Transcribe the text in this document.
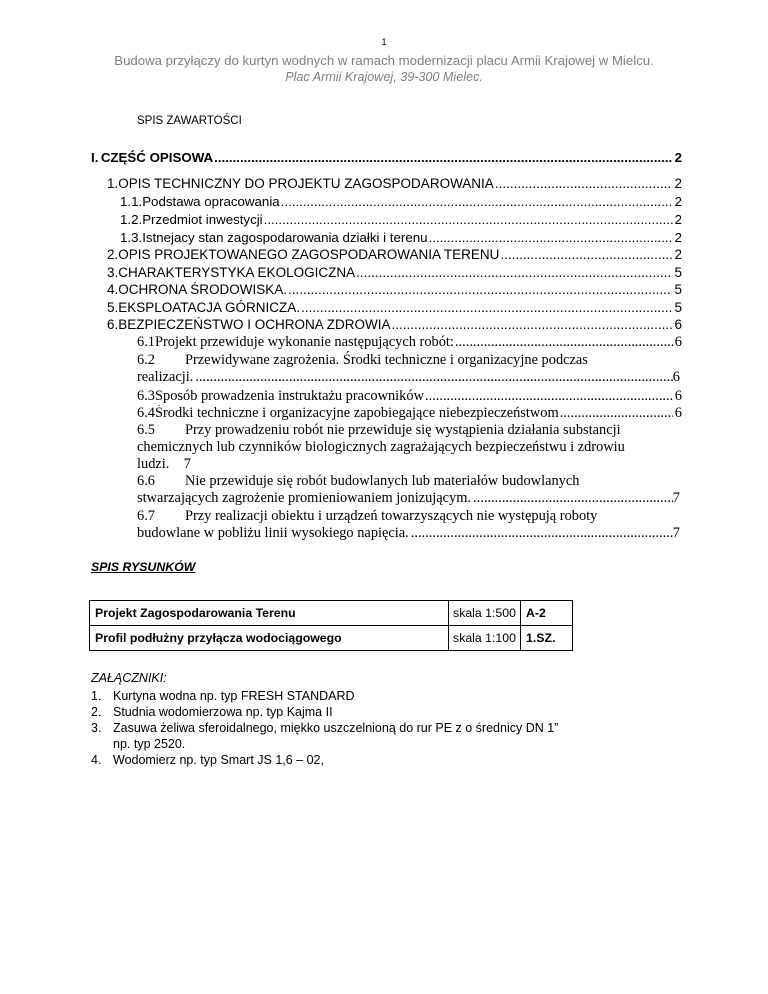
1
Budowa przyłączy do kurtyn wodnych w ramach modernizacji placu Armii Krajowej w Mielcu.
Plac Armii Krajowej, 39-300 Mielec.
SPIS ZAWARTOŚCI
I. CZĘŚĆ OPISOWA .....	2
1. OPIS TECHNICZNY DO PROJEKTU ZAGOSPODAROWANIA .....	2
1.1. Podstawa opracowania .....	2
1.2. Przedmiot inwestycji .....	2
1.3. Istnejacy stan zagospodarowania działki i terenu .....	2
2. OPIS PROJEKTOWANEGO ZAGOSPODAROWANIA TERENU .....	2
3. CHARAKTERYSTYKA EKOLOGICZNA .....	5
4. OCHRONA ŚRODOWISKA. .....	5
5. EKSPLOATACJA GÓRNICZA. .....	5
6. BEZPIECZEŃSTWO I OCHRONA ZDROWIA .....	6
6.1 Projekt przewiduje wykonanie następujących robót: .....	6
6.2 Przewidywane zagrożenia. Środki techniczne i organizacyjne podczas
realizacji. .....	6
6.3 Sposób prowadzenia instruktażu pracowników .....	6
6.4 Środki techniczne i organizacyjne zapobiegające niebezpieczeństwom .....	6
6.5 Przy prowadzeniu robót nie przewiduje się wystąpienia działania substancji
chemicznych lub czynników biologicznych zagrażających bezpieczeństwu i zdrowiu
ludzi. 7
6.6 Nie przewiduje się robót budowlanych lub materiałów budowlanych
stwarzających zagrożenie promieniowaniem jonizującym. .....	7
6.7 Przy realizacji obiektu i urządzeń towarzyszących nie występują roboty
budowlane w pobliżu linii wysokiego napięcia. .....	7
SPIS RYSUNKÓW
Projekt Zagospodarowania Terenu	skala 1:500	A-2
Profil podłużny przyłącza wodociągowego	skala 1:100	1.SZ.
ZAŁĄCZNIKI:
1. Kurtyna wodna np. typ FRESH STANDARD
2. Studnia wodomierzowa np. typ Kajma II
3. Zasuwa żeliwa sferoidalnego, miękko uszczelnioną do rur PE z o średnicy DN 1”
np. typ 2520.
4. Wodomierz np. typ Smart JS 1,6 – 02,
